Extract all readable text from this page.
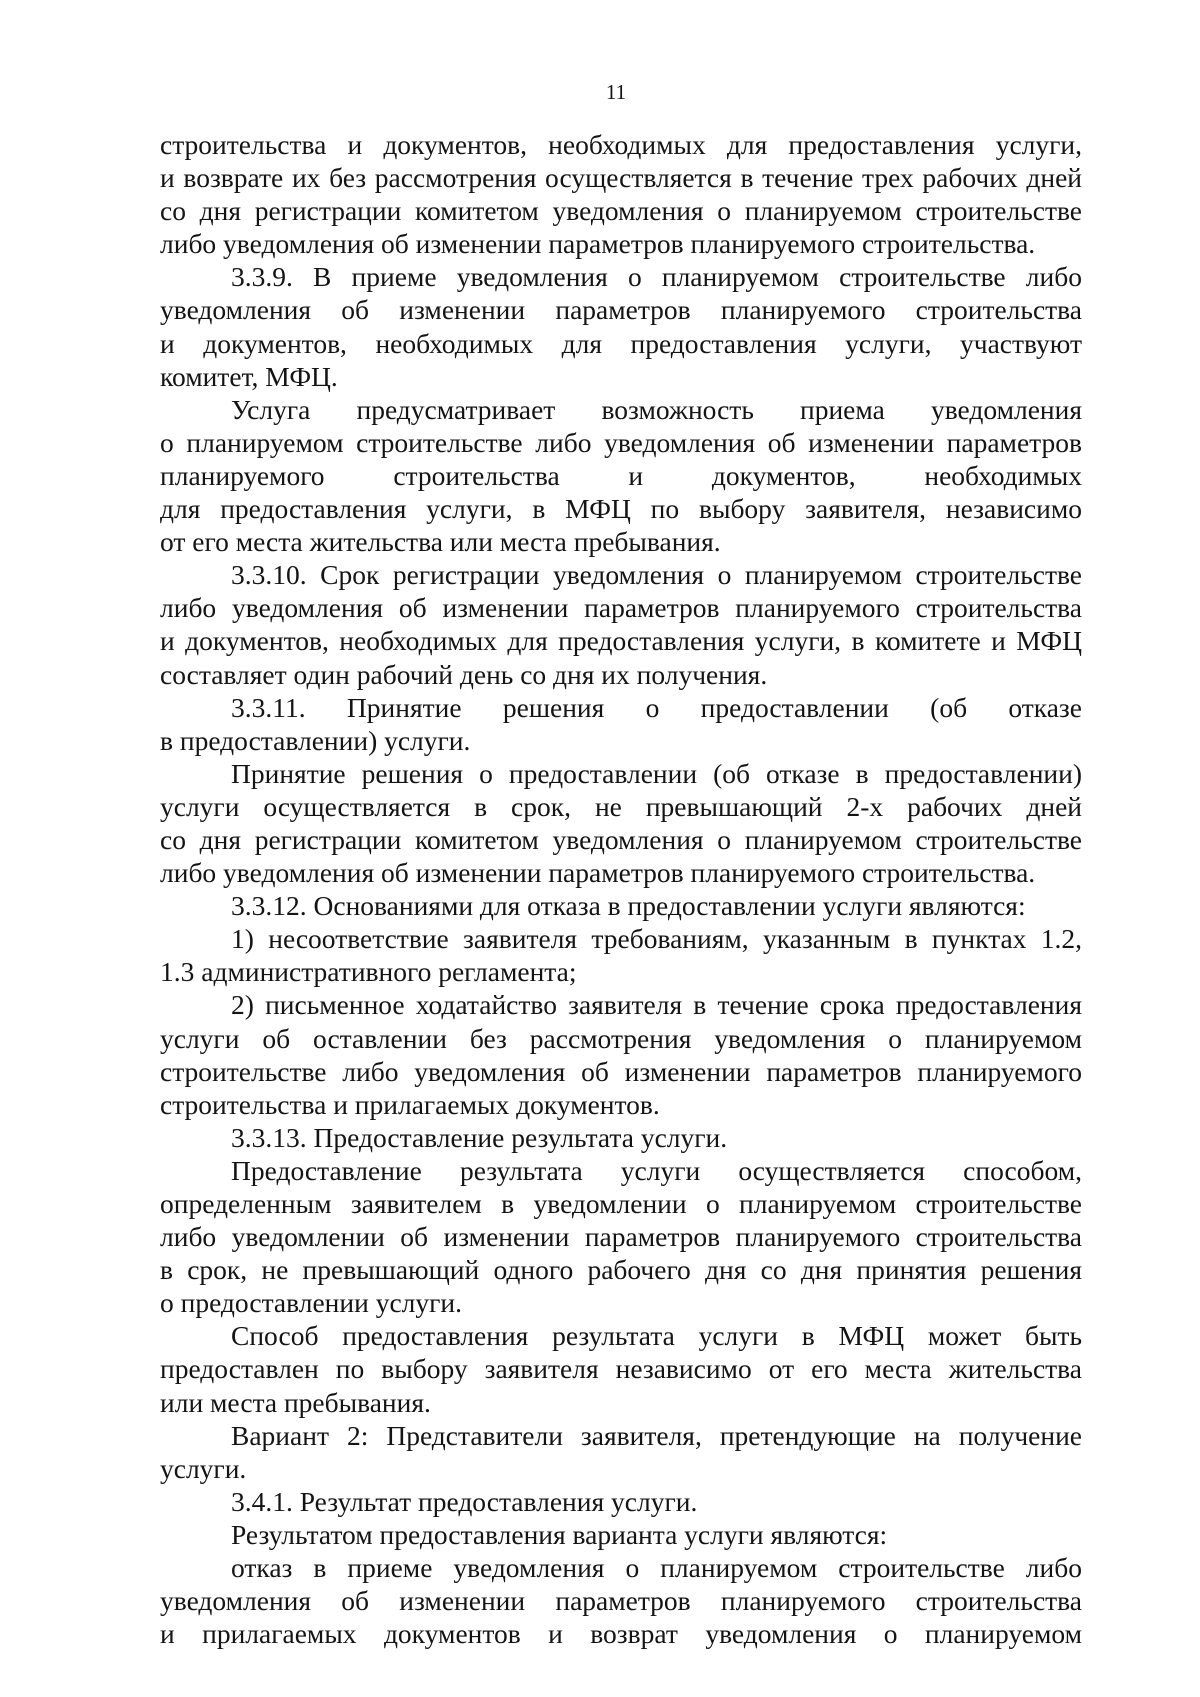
11
строительства и документов, необходимых для предоставления услуги,
и возврате их без рассмотрения осуществляется в течение трех рабочих дней
со дня регистрации комитетом уведомления о планируемом строительстве
либо уведомления об изменении параметров планируемого строительства.
3.3.9. В приеме уведомления о планируемом строительстве либо
уведомления об изменении параметров планируемого строительства
и документов, необходимых для предоставления услуги, участвуют
комитет, МФЦ.
Услуга предусматривает возможность приема уведомления
о планируемом строительстве либо уведомления об изменении параметров
планируемого строительства и документов, необходимых
для предоставления услуги, в МФЦ по выбору заявителя, независимо
от его места жительства или места пребывания.
3.3.10. Срок регистрации уведомления о планируемом строительстве
либо уведомления об изменении параметров планируемого строительства
и документов, необходимых для предоставления услуги, в комитете и МФЦ
составляет один рабочий день со дня их получения.
3.3.11. Принятие решения о предоставлении (об отказе
в предоставлении) услуги.
Принятие решения о предоставлении (об отказе в предоставлении)
услуги осуществляется в срок, не превышающий 2-х рабочих дней
со дня регистрации комитетом уведомления о планируемом строительстве
либо уведомления об изменении параметров планируемого строительства.
3.3.12. Основаниями для отказа в предоставлении услуги являются:
1) несоответствие заявителя требованиям, указанным в пунктах 1.2,
1.3 административного регламента;
2) письменное ходатайство заявителя в течение срока предоставления
услуги об оставлении без рассмотрения уведомления о планируемом
строительстве либо уведомления об изменении параметров планируемого
строительства и прилагаемых документов.
3.3.13. Предоставление результата услуги.
Предоставление результата услуги осуществляется способом,
определенным заявителем в уведомлении о планируемом строительстве
либо уведомлении об изменении параметров планируемого строительства
в срок, не превышающий одного рабочего дня со дня принятия решения
о предоставлении услуги.
Способ предоставления результата услуги в МФЦ может быть
предоставлен по выбору заявителя независимо от его места жительства
или места пребывания.
Вариант 2: Представители заявителя, претендующие на получение
услуги.
3.4.1. Результат предоставления услуги.
Результатом предоставления варианта услуги являются:
отказ в приеме уведомления о планируемом строительстве либо
уведомления об изменении параметров планируемого строительства
и прилагаемых документов и возврат уведомления о планируемом
